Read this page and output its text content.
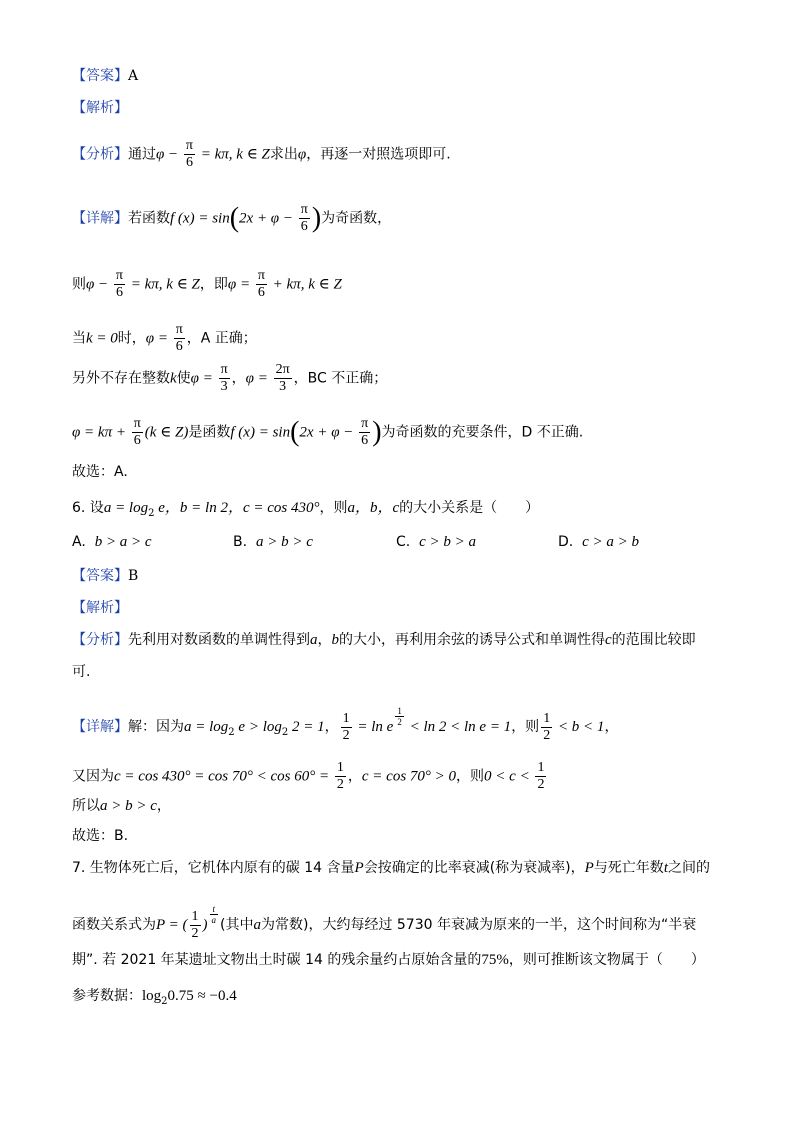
【答案】A
【解析】
【分析】通过$\varphi - \frac{\pi}{6} = k\pi$, k ∈ Z求出φ，再逐一对照选项即可.
【详解】若函数f $(x) = \sin(2x + \varphi - \frac{\pi}{6}$ )为奇函数，
则$\varphi - \frac{\pi}{6} = k\pi$, k ∈ Z，即$\varphi = \frac{\pi}{6} + k\pi$, k ∈ Z
当k = 0时，$\varphi = \frac{\pi}{6}$ ，A 正确；
另外不存在整数k使$\varphi = \frac{\pi}{3}$ ，$\varphi = \frac{2\pi}{3}$ ，BC 不正确；
$\varphi = k\pi + \frac{\pi}{6} (k$ ∈ Z)是函数f $(x) = \sin(2x + \varphi - \frac{\pi}{6}$ )为奇函数的充要条件，D 不正确.
故选：A.
6. 设$a = \log_2 e$，b = ln 2，c = cos 430°，则a，b，c的大小关系是（　　）
A. b > a > c	B. a > b > c	C. c > b > a	D. c > a > b
【答案】B
【解析】
【分析】先利用对数函数的单调性得到a，b的大小，再利用余弦的诱导公式和单调性得c的范围比较即
可.
【详解】解：因为$a = \log_2 e > \log_2 2 = 1$， $\frac{1}{2} = \ln e$ $^{\frac{1}{2}}$ < ln 2 < ln e = 1，则 $\frac{1}{2} < b < 1$，
又因为$c = \cos 430^\circ = \cos 70^\circ < \cos 60^\circ = \frac{1}{2}$ ，c = cos 70° > 0，则$0 < c < \frac{1}{2}$
所以a > b > c，
故选：B.
7. 生物体死亡后，它机体内原有的碳 14 含量P会按确定的比率衰减(称为衰减率)，P与死亡年数t之间的
函数关系式为P = ( $\frac{1}{2}$ ) $^{\frac{t}{a}}$ (其中a为常数)，大约每经过 5730 年衰减为原来的一半，这个时间称为“半衰
期”. 若 2021 年某遗址文物出土时碳 14 的残余量约占原始含量的75%，则可推断该文物属于（　　）
参考数据：$\log_20.75 \approx -0.4$
